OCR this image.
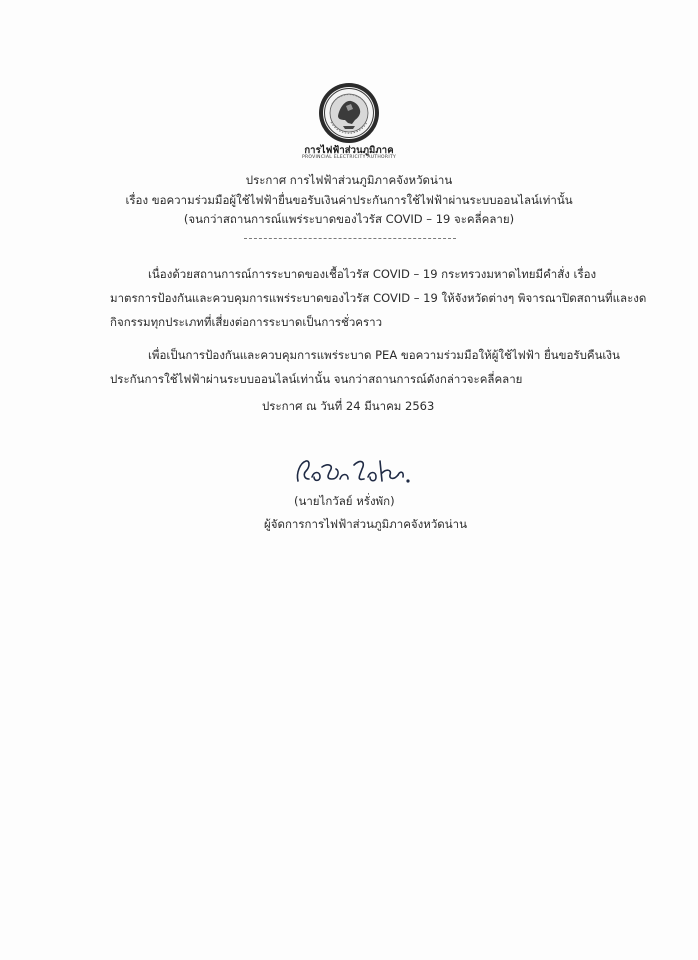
การไฟฟ้าส่วนภูมิภาค
PROVINCIAL ELECTRICITY AUTHORITY
ประกาศ การไฟฟ้าส่วนภูมิภาคจังหวัดน่าน
เรื่อง ขอความร่วมมือผู้ใช้ไฟฟ้ายื่นขอรับเงินค่าประกันการใช้ไฟฟ้าผ่านระบบออนไลน์เท่านั้น
(จนกว่าสถานการณ์แพร่ระบาดของไวรัส COVID – 19 จะคลี่คลาย)
เนื่องด้วยสถานการณ์การระบาดของเชื้อไวรัส COVID – 19 กระทรวงมหาดไทยมีคำสั่ง เรื่อง
มาตรการป้องกันและควบคุมการแพร่ระบาดของไวรัส COVID – 19 ให้จังหวัดต่างๆ พิจารณาปิดสถานที่และงด
กิจกรรมทุกประเภทที่เสี่ยงต่อการระบาดเป็นการชั่วคราว
เพื่อเป็นการป้องกันและควบคุมการแพร่ระบาด PEA ขอความร่วมมือให้ผู้ใช้ไฟฟ้า ยื่นขอรับคืนเงิน
ประกันการใช้ไฟฟ้าผ่านระบบออนไลน์เท่านั้น จนกว่าสถานการณ์ดังกล่าวจะคลี่คลาย
ประกาศ ณ วันที่ 24 มีนาคม 2563
(นายไกวัลย์ หรั่งพัก)
ผู้จัดการการไฟฟ้าส่วนภูมิภาคจังหวัดน่าน
